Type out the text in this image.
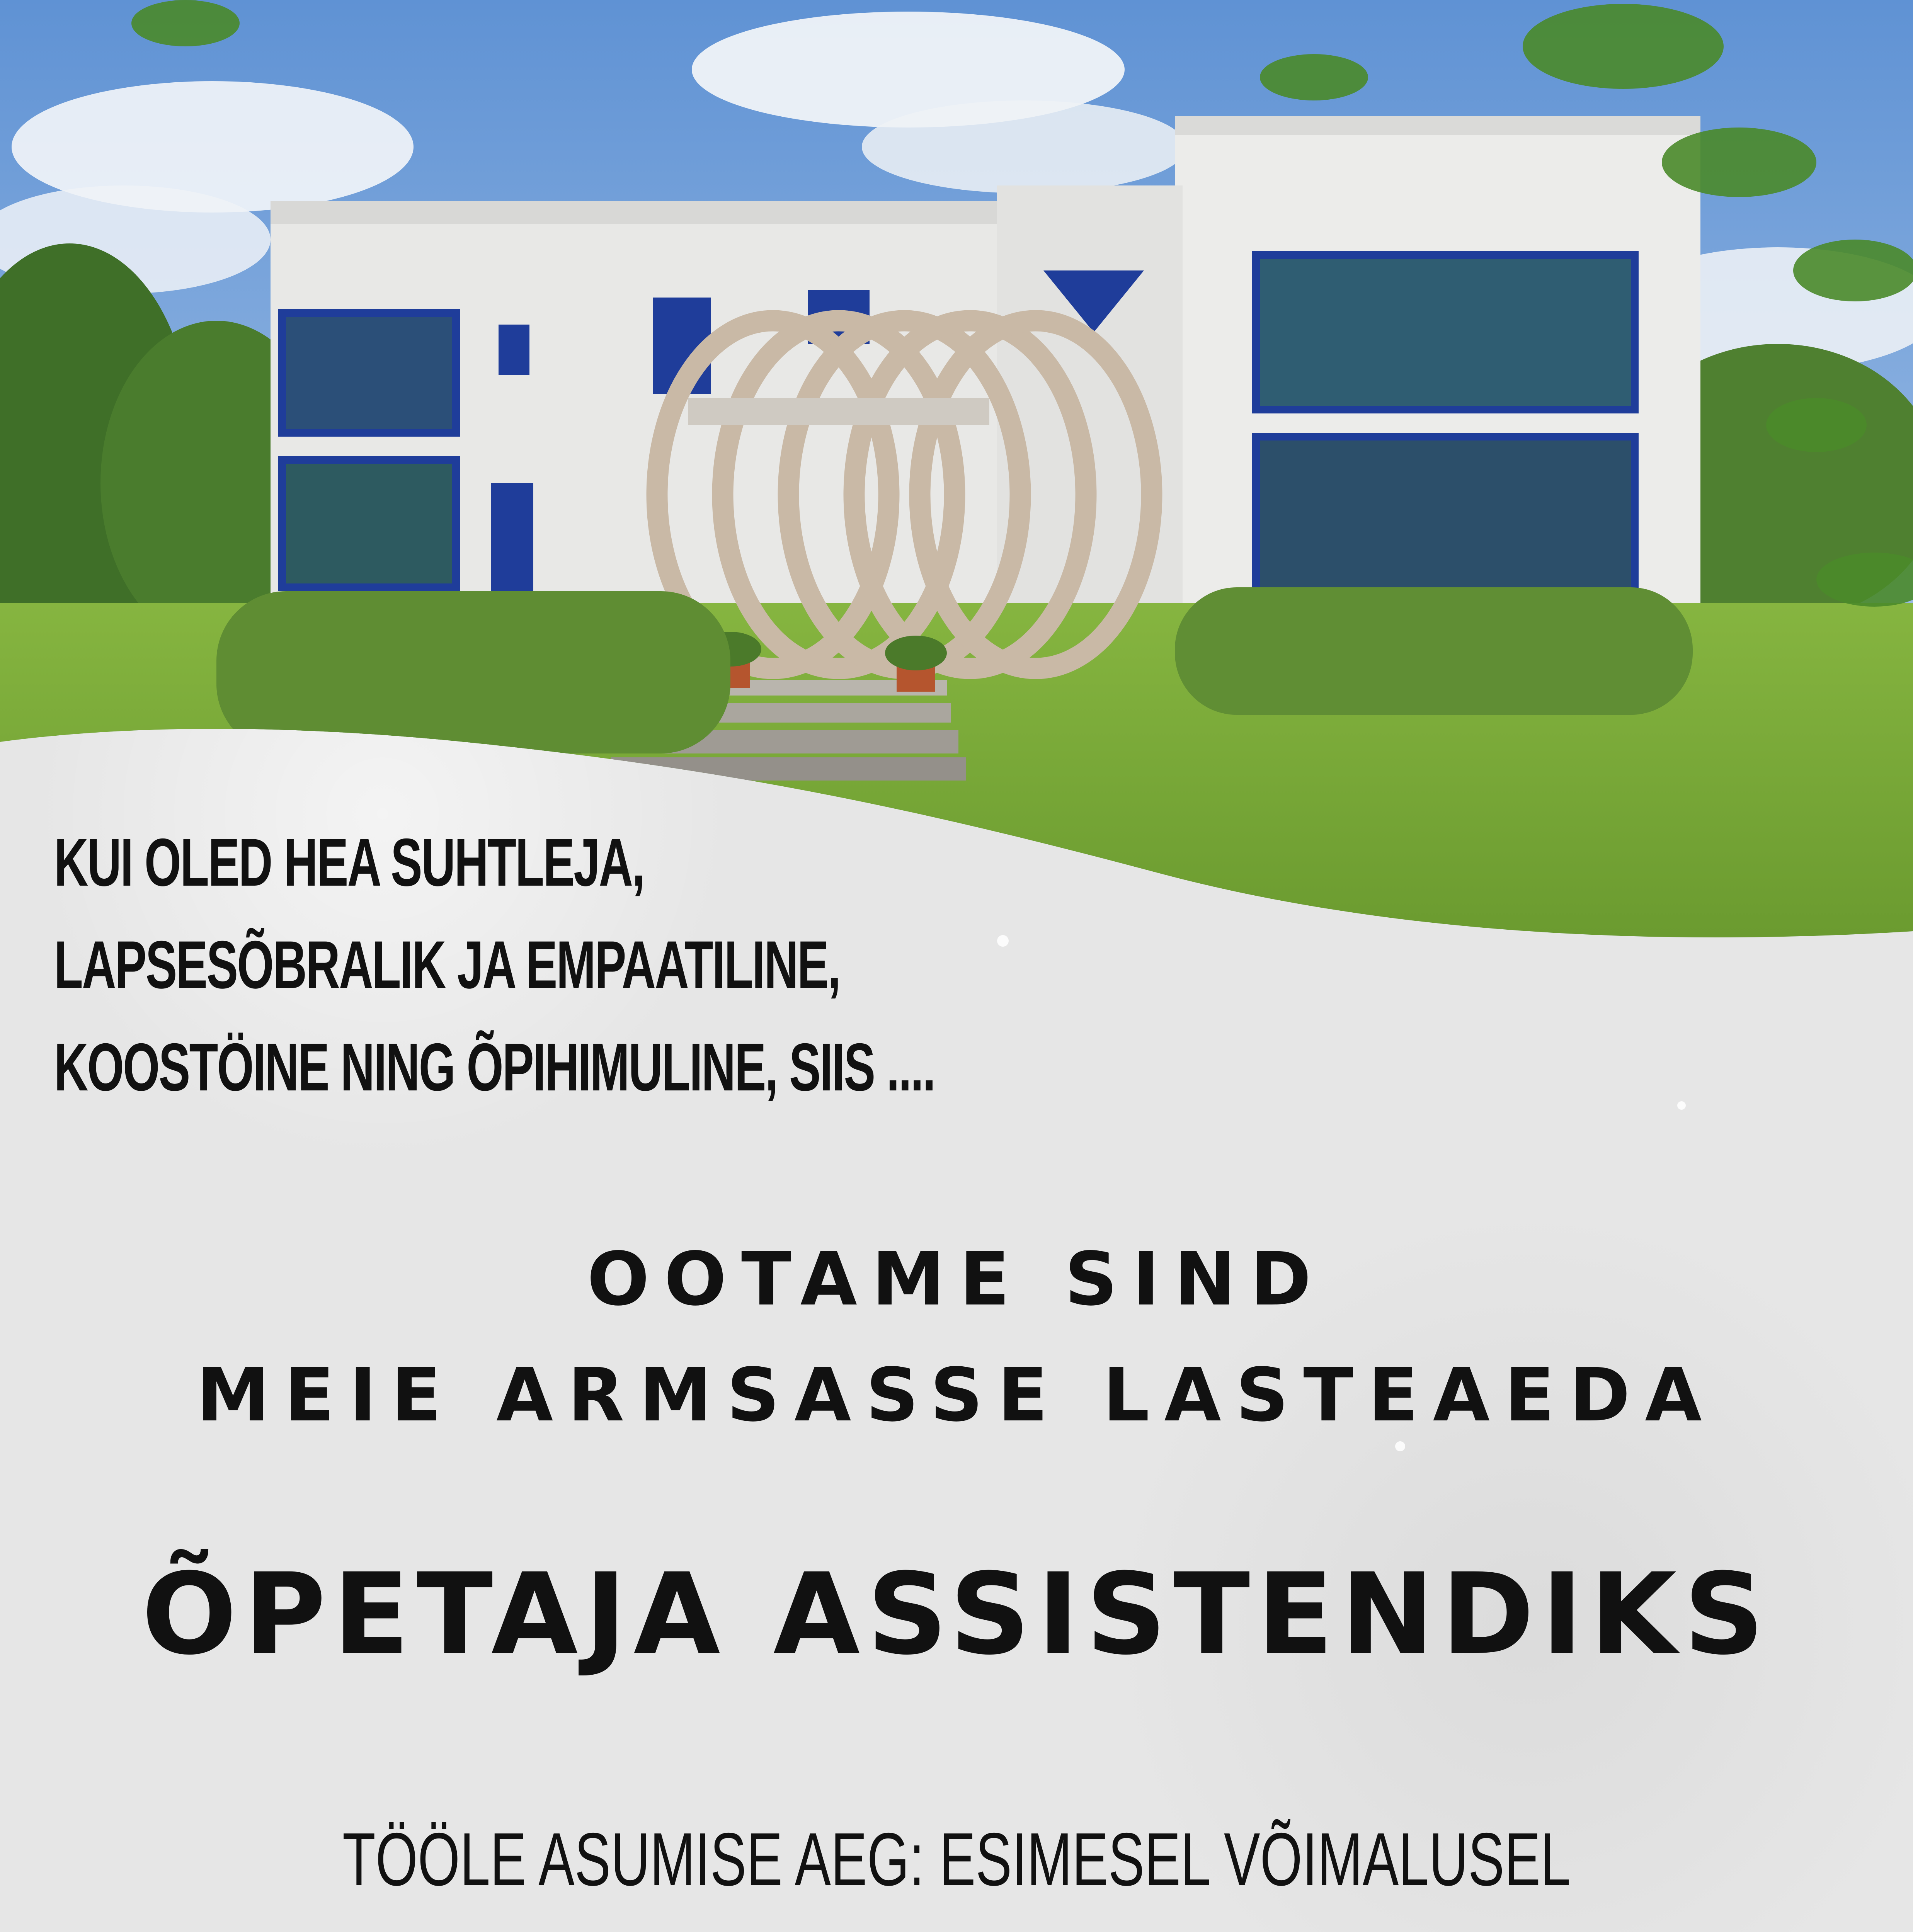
KUI OLED HEA SUHTLEJA,
LAPSESÕBRALIK JA EMPAATILINE,
KOOSTÖINE NING ÕPIHIMULINE, SIIS ....
OOTAME SIND
MEIE ARMSASSE LASTEAEDA
ÕPETAJA ASSISTENDIKS
TÖÖLE ASUMISE AEG: ESIMESEL VÕIMALUSEL
